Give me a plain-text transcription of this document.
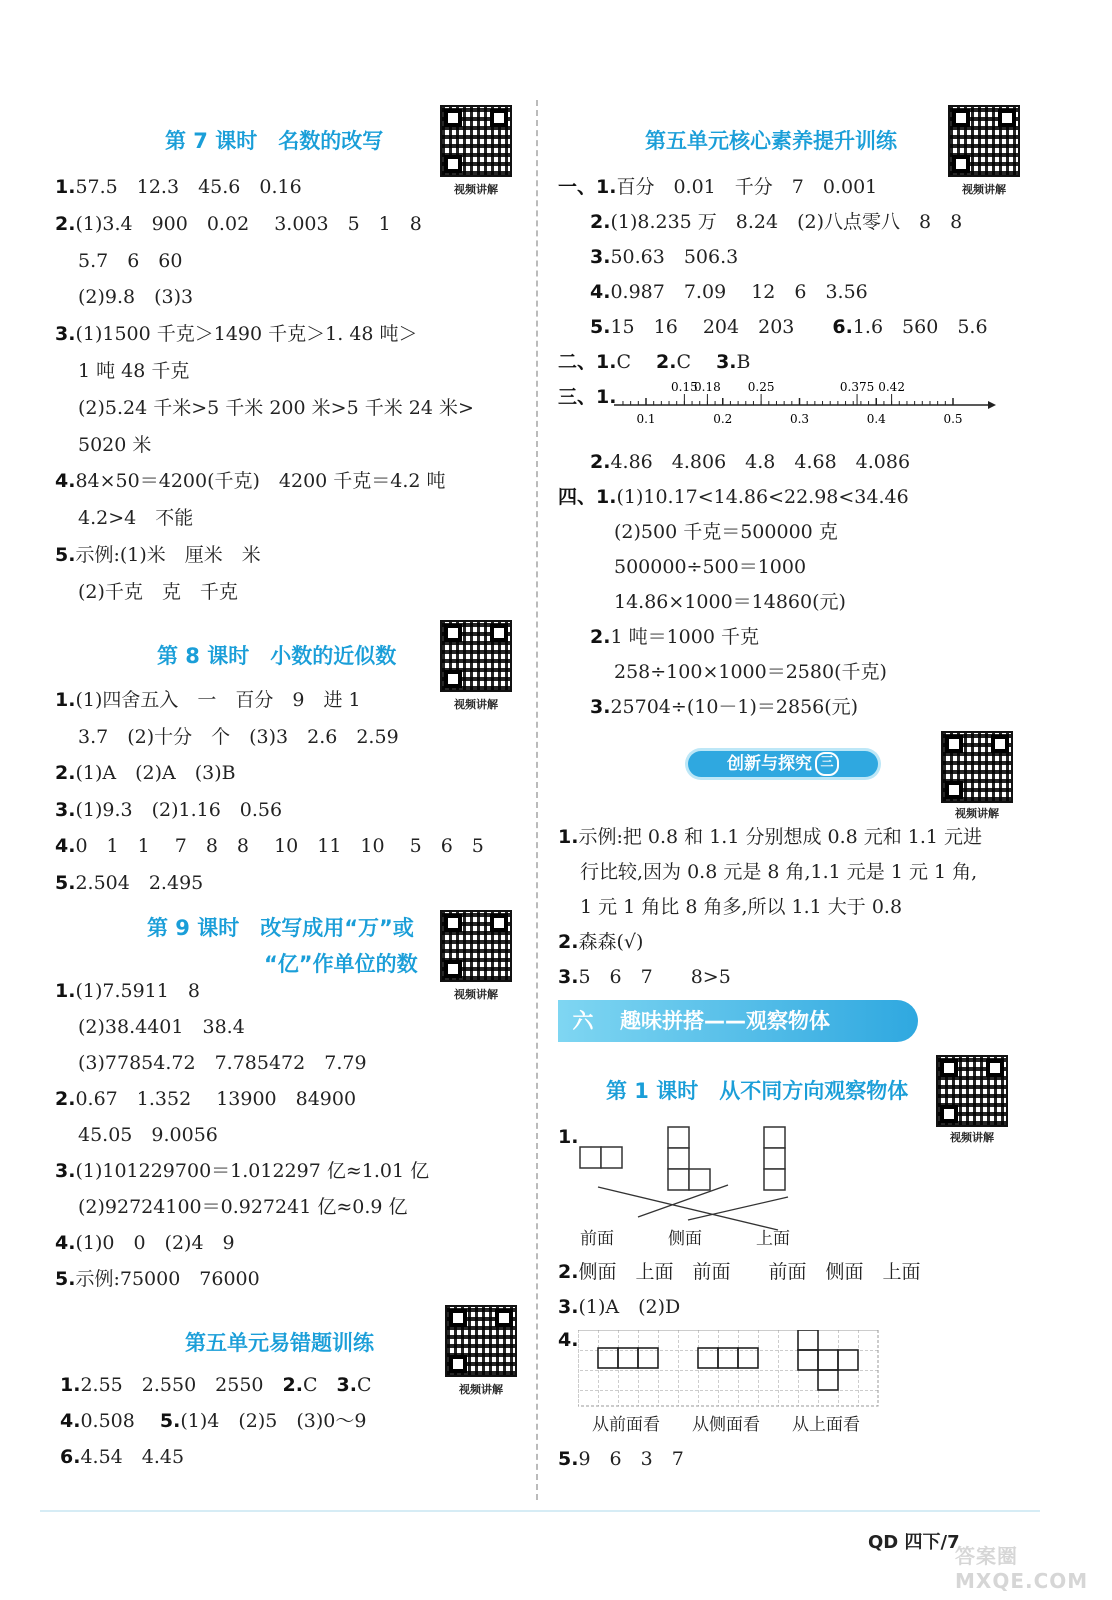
第 7 课时　名数的改写
视频讲解
第 8 课时　小数的近似数
视频讲解
第 9 课时　改写成用“万”或
“亿”作单位的数
视频讲解
第五单元易错题训练
视频讲解
1.57.5　12.3　45.6　0.16
2.(1)3.4　900　0.02　 3.003　5　1　8
5.7　6　60
(2)9.8　(3)3
3.(1)1500 千克＞1490 千克＞1. 48 吨＞
1 吨 48 千克
(2)5.24 千米>5 千米 200 米>5 千米 24 米>
5020 米
4.84×50＝4200(千克)　4200 千克＝4.2 吨
4.2>4　不能
5.示例:(1)米　厘米　米
(2)千克　克　千克
1.(1)四舍五入　一　百分　9　进 1
3.7　(2)十分　个　(3)3　2.6　2.59
2.(1)A　(2)A　(3)B
3.(1)9.3　(2)1.16　0.56
4.0　1　1　 7　8　8　 10　11　10　 5　6　5
5.2.504　2.495
1.(1)7.5911　8
(2)38.4401　38.4
(3)77854.72　7.785472　7.79
2.0.67　1.352　 13900　84900
45.05　9.0056
3.(1)101229700＝1.012297 亿≈1.01 亿
(2)92724100＝0.927241 亿≈0.9 亿
4.(1)0　0　(2)4　9
5.示例:75000　76000
1.2.55　2.550　2550　2.C　3.C
4.0.508　 5.(1)4　(2)5　(3)0～9
6.4.54　4.45
第五单元核心素养提升训练
视频讲解
0.15
0.18 0.25	0.375 0.42
0.1	0.2	0.3	0.4	0.5
创新与探究 三
视频讲解
六 趣味拼搭——观察物体
第 1 课时　从不同方向观察物体
视频讲解
1.
前面	侧面	上面
从前面看 从侧面看 从上面看
一、1.百分　0.01　千分　7　0.001
2.(1)8.235 万　8.24　(2)八点零八　8　8
3.50.63　506.3
4.0.987　7.09　 12　6　3.56
5.15　16　 204　203　　6.1.6　560　5.6
二、1.C　 2.C　 3.B
三、1.
2.4.86　4.806　4.8　4.68　4.086
四、1.(1)10.17<14.86<22.98<34.46
(2)500 千克＝500000 克
500000÷500＝1000
14.86×1000＝14860(元)
2.1 吨＝1000 千克
258÷100×1000＝2580(千克)
3.25704÷(10－1)＝2856(元)
1.示例:把 0.8 和 1.1 分别想成 0.8 元和 1.1 元进
行比较,因为 0.8 元是 8 角,1.1 元是 1 元 1 角,
1 元 1 角比 8 角多,所以 1.1 大于 0.8
2.森森(√)
3.5　6　7　　8>5
2.侧面　上面　前面　　前面　侧面　上面
3.(1)A　(2)D
4.
5.9　6　3　7
QD 四下/7
答案圈 MXQE.COM
